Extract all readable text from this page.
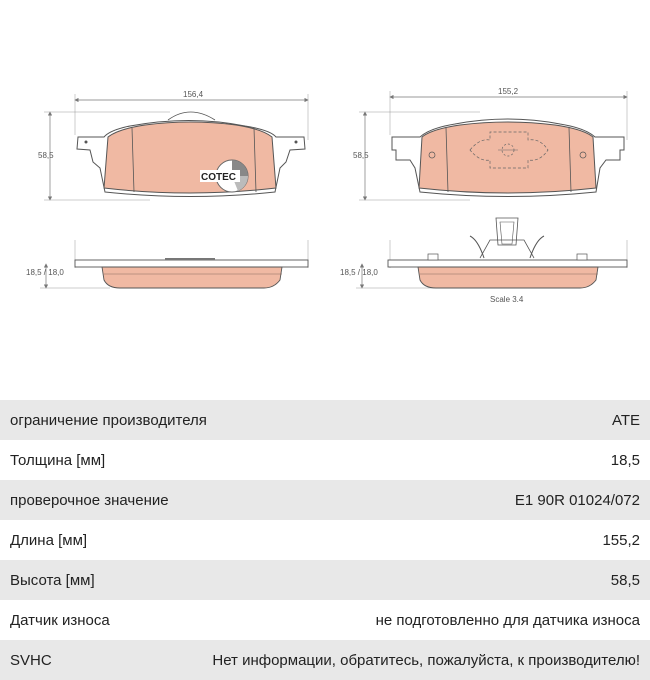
156,4
58,5
COTEC
155,2
58,5
18,5 / 18,0	18,5 / 18,0
Scale 3.4
ограничение производителя	ATE
Толщина [мм]	18,5
проверочное значение	E1 90R 01024/072
Длина [мм]	155,2
Высота [мм]	58,5
Датчик износа	не подготовленно для датчика износа
SVHC	Нет информации, обратитесь, пожалуйста, к производителю!
